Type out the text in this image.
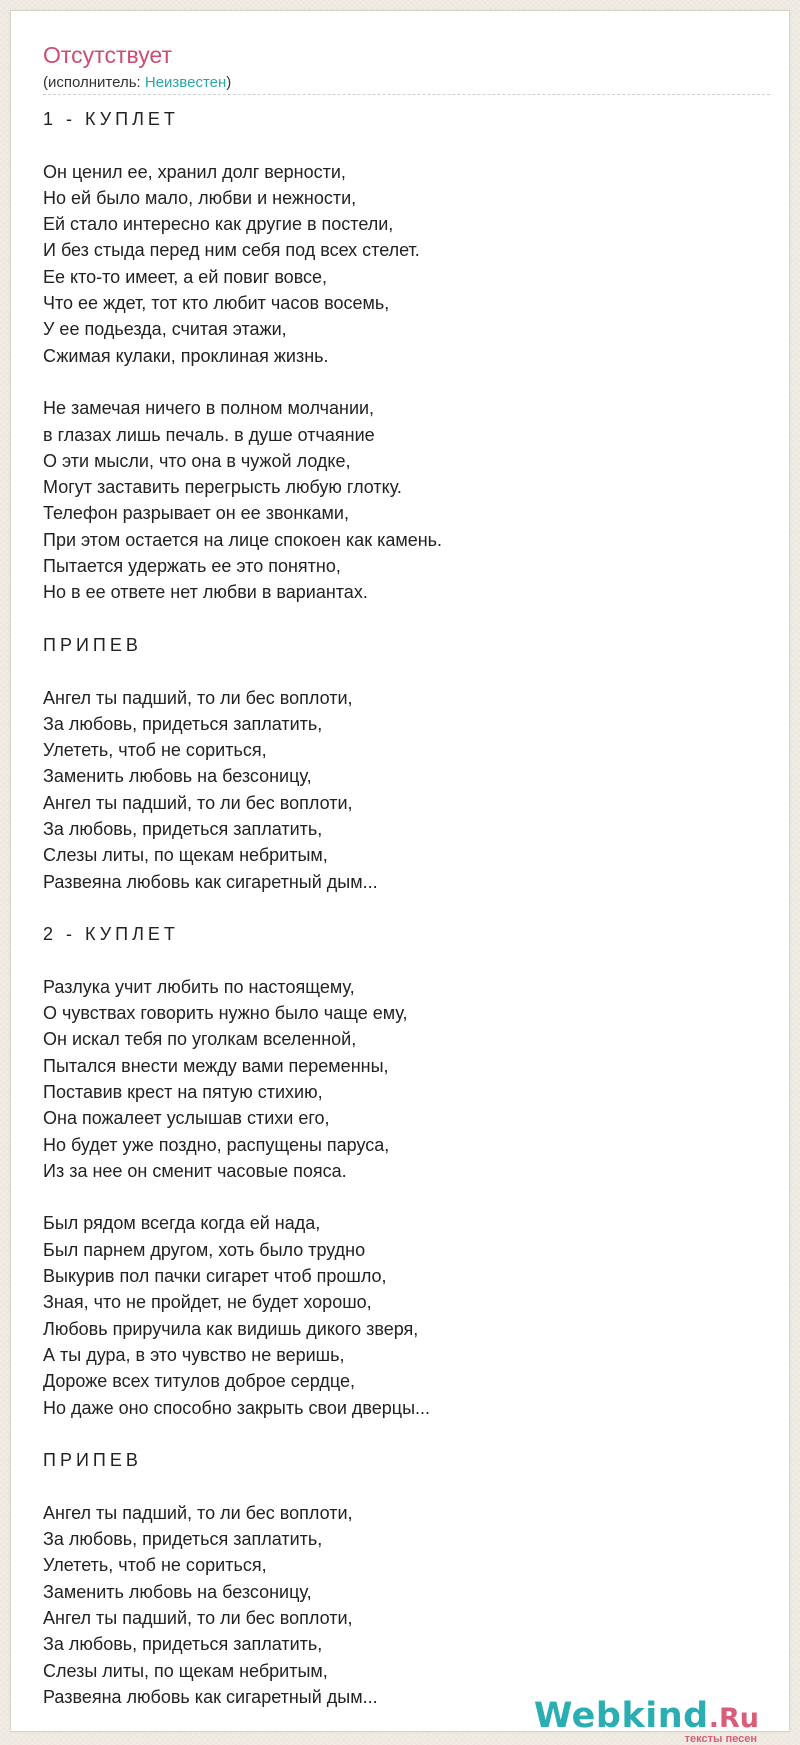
Отсутствует
(исполнитель: Неизвестен)
1 - КУПЛЕТ
Он ценил ее, хранил долг верности,
Но ей было мало, любви и нежности,
Ей стало интересно как другие в постели,
И без стыда перед ним себя под всех стелет.
Ее кто-то имеет, а ей повиг вовсе,
Что ее ждет, тот кто любит часов восемь,
У ее подьезда, считая этажи,
Сжимая кулаки, проклиная жизнь.
Не замечая ничего в полном молчании,
в глазах лишь печаль. в душе отчаяние
О эти мысли, что она в чужой лодке,
Могут заставить перегрысть любую глотку.
Телефон разрывает он ее звонками,
При этом остается на лице спокоен как камень.
Пытается удержать ее это понятно,
Но в ее ответе нет любви в вариантах.
ПРИПЕВ
Ангел ты падший, то ли бес воплоти,
За любовь, придеться заплатить,
Улететь, чтоб не сориться,
Заменить любовь на безсоницу,
Ангел ты падший, то ли бес воплоти,
За любовь, придеться заплатить,
Слезы литы, по щекам небритым,
Развеяна любовь как сигаретный дым...
2 - КУПЛЕТ
Разлука учит любить по настоящему,
О чувствах говорить нужно было чаще ему,
Он искал тебя по уголкам вселенной,
Пытался внести между вами переменны,
Поставив крест на пятую стихию,
Она пожалеет услышав стихи его,
Но будет уже поздно, распущены паруса,
Из за нее он сменит часовые пояса.
Был рядом всегда когда ей нада,
Был парнем другом, хоть было трудно
Выкурив пол пачки сигарет чтоб прошло,
Зная, что не пройдет, не будет хорошо,
Любовь приручила как видишь дикого зверя,
А ты дура, в это чувство не веришь,
Дороже всех титулов доброе сердце,
Но даже оно способно закрыть свои дверцы...
ПРИПЕВ
Ангел ты падший, то ли бес воплоти,
За любовь, придеться заплатить,
Улететь, чтоб не сориться,
Заменить любовь на безсоницу,
Ангел ты падший, то ли бес воплоти,
За любовь, придеться заплатить,
Слезы литы, по щекам небритым,
Развеяна любовь как сигаретный дым...	Webkind.Ru
тексты песен
